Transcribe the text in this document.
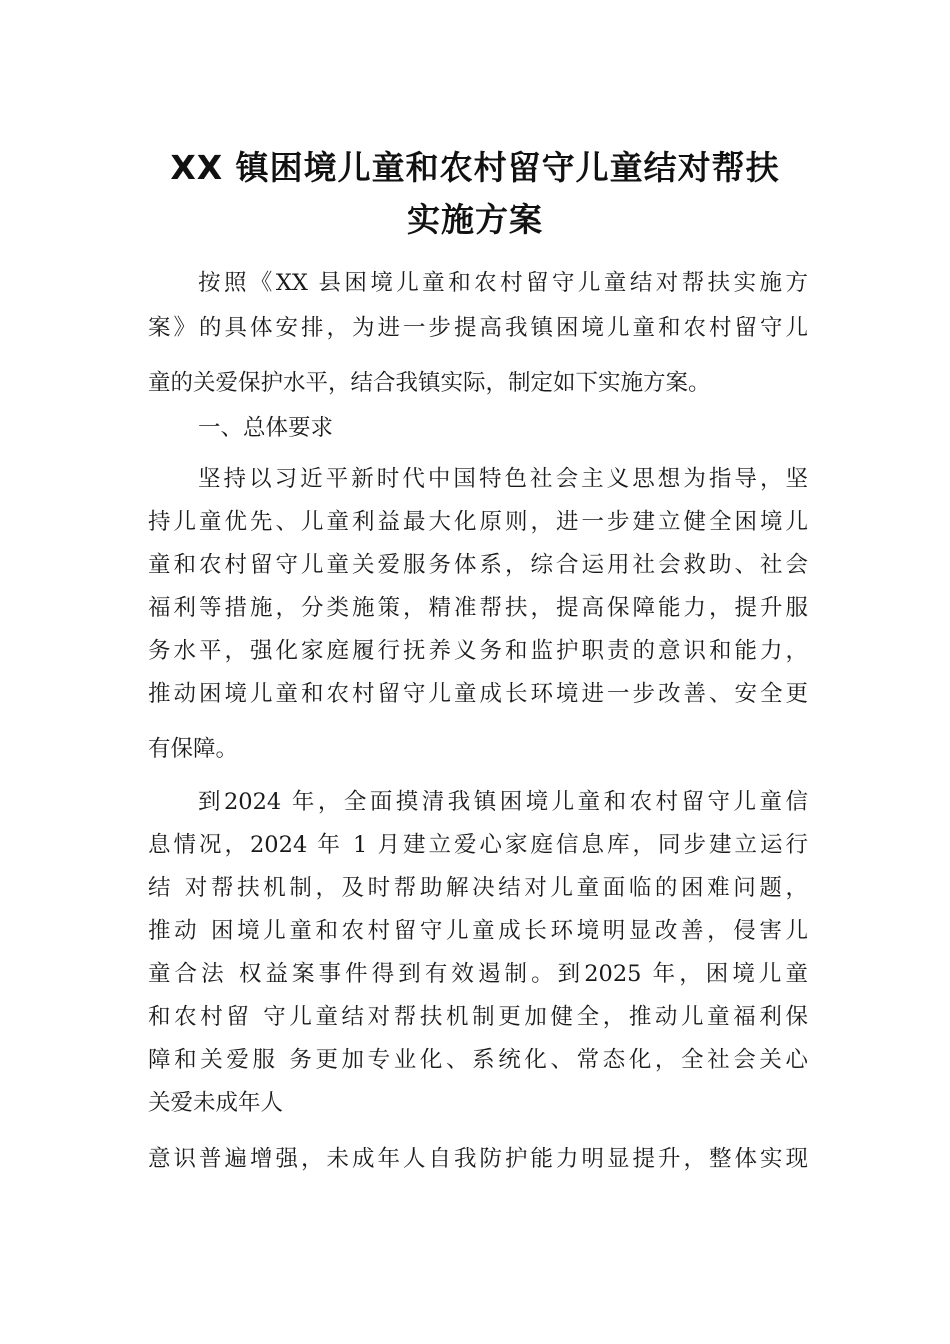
XX 镇困境儿童和农村留守儿童结对帮扶
实施方案
按照《XX 县困境儿童和农村留守儿童结对帮扶实施方
案》的具体安排，为进一步提高我镇困境儿童和农村留守儿
童的关爱保护水平，结合我镇实际，制定如下实施方案。
一、总体要求
坚持以习近平新时代中国特色社会主义思想为指导，坚
持儿童优先、儿童利益最大化原则，进一步建立健全困境儿
童和农村留守儿童关爱服务体系，综合运用社会救助、社会
福利等措施，分类施策，精准帮扶，提高保障能力，提升服
务水平，强化家庭履行抚养义务和监护职责的意识和能力，
推动困境儿童和农村留守儿童成长环境进一步改善、安全更
有保障。
到2024 年，全面摸清我镇困境儿童和农村留守儿童信
息情况，2024 年 1 月建立爱心家庭信息库，同步建立运行
结 对帮扶机制，及时帮助解决结对儿童面临的困难问题，
推动 困境儿童和农村留守儿童成长环境明显改善，侵害儿
童合法 权益案事件得到有效遏制。到2025 年，困境儿童
和农村留 守儿童结对帮扶机制更加健全，推动儿童福利保
障和关爱服 务更加专业化、系统化、常态化，全社会关心
关爱未成年人
意识普遍增强，未成年人自我防护能力明显提升，整体实现
